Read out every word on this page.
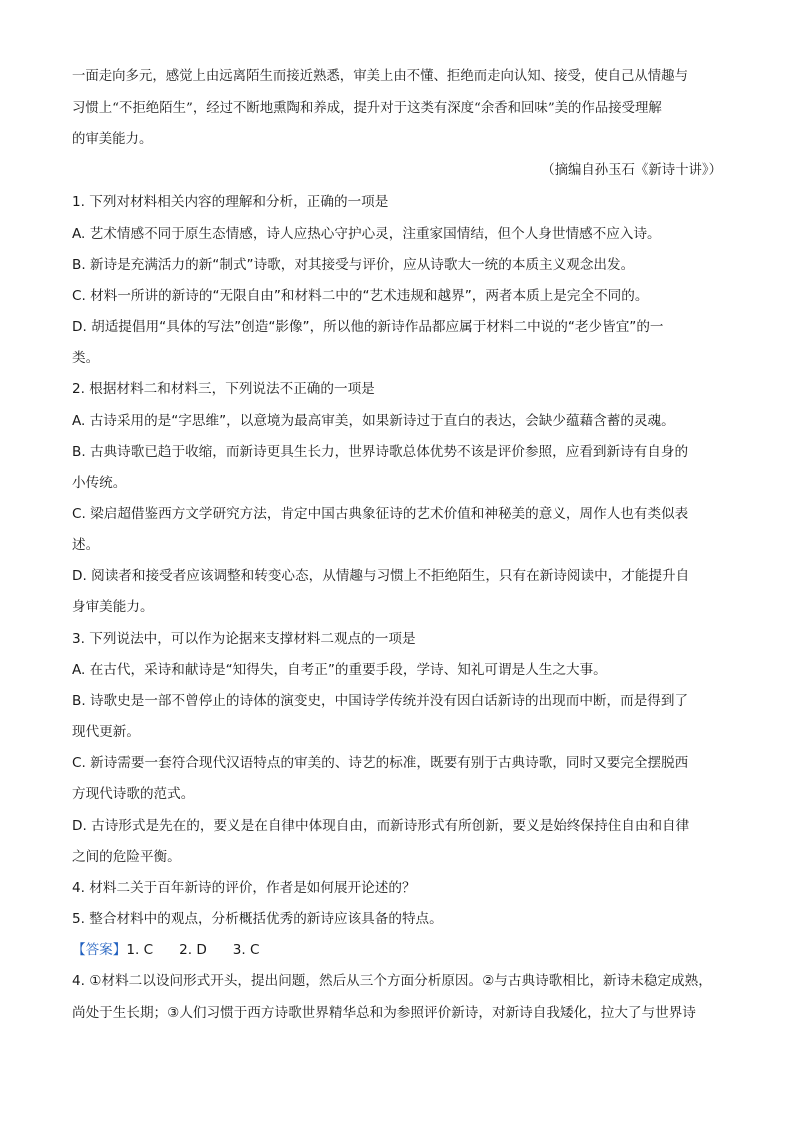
一面走向多元，感觉上由远离陌生而接近熟悉，审美上由不懂、拒绝而走向认知、接受，使自己从情趣与
习惯上“不拒绝陌生”，经过不断地熏陶和养成，提升对于这类有深度“余香和回味”美的作品接受理解
的审美能力。
（摘编自孙玉石《新诗十讲》）
1. 下列对材料相关内容的理解和分析，正确的一项是
A. 艺术情感不同于原生态情感，诗人应热心守护心灵，注重家国情结，但个人身世情感不应入诗。
B. 新诗是充满活力的新“制式”诗歌，对其接受与评价，应从诗歌大一统的本质主义观念出发。
C. 材料一所讲的新诗的“无限自由”和材料二中的“艺术违规和越界”，两者本质上是完全不同的。
D. 胡适提倡用“具体的写法”创造“影像”，所以他的新诗作品都应属于材料二中说的“老少皆宜”的一
类。
2. 根据材料二和材料三，下列说法不正确的一项是
A. 古诗采用的是“字思维”，以意境为最高审美，如果新诗过于直白的表达，会缺少蕴藉含蓄的灵魂。
B. 古典诗歌已趋于收缩，而新诗更具生长力，世界诗歌总体优势不该是评价参照，应看到新诗有自身的
小传统。
C. 梁启超借鉴西方文学研究方法，肯定中国古典象征诗的艺术价值和神秘美的意义，周作人也有类似表
述。
D. 阅读者和接受者应该调整和转变心态，从情趣与习惯上不拒绝陌生，只有在新诗阅读中，才能提升自
身审美能力。
3. 下列说法中，可以作为论据来支撑材料二观点的一项是
A. 在古代，采诗和献诗是“知得失，自考正”的重要手段，学诗、知礼可谓是人生之大事。
B. 诗歌史是一部不曾停止的诗体的演变史，中国诗学传统并没有因白话新诗的出现而中断，而是得到了
现代更新。
C. 新诗需要一套符合现代汉语特点的审美的、诗艺的标准，既要有别于古典诗歌，同时又要完全摆脱西
方现代诗歌的范式。
D. 古诗形式是先在的，要义是在自律中体现自由，而新诗形式有所创新，要义是始终保持住自由和自律
之间的危险平衡。
4. 材料二关于百年新诗的评价，作者是如何展开论述的？
5. 整合材料中的观点，分析概括优秀的新诗应该具备的特点。
【答案】1. C      2. D      3. C
4. ①材料二以设问形式开头，提出问题，然后从三个方面分析原因。②与古典诗歌相比，新诗未稳定成熟，
尚处于生长期；③人们习惯于西方诗歌世界精华总和为参照评价新诗，对新诗自我矮化，拉大了与世界诗
